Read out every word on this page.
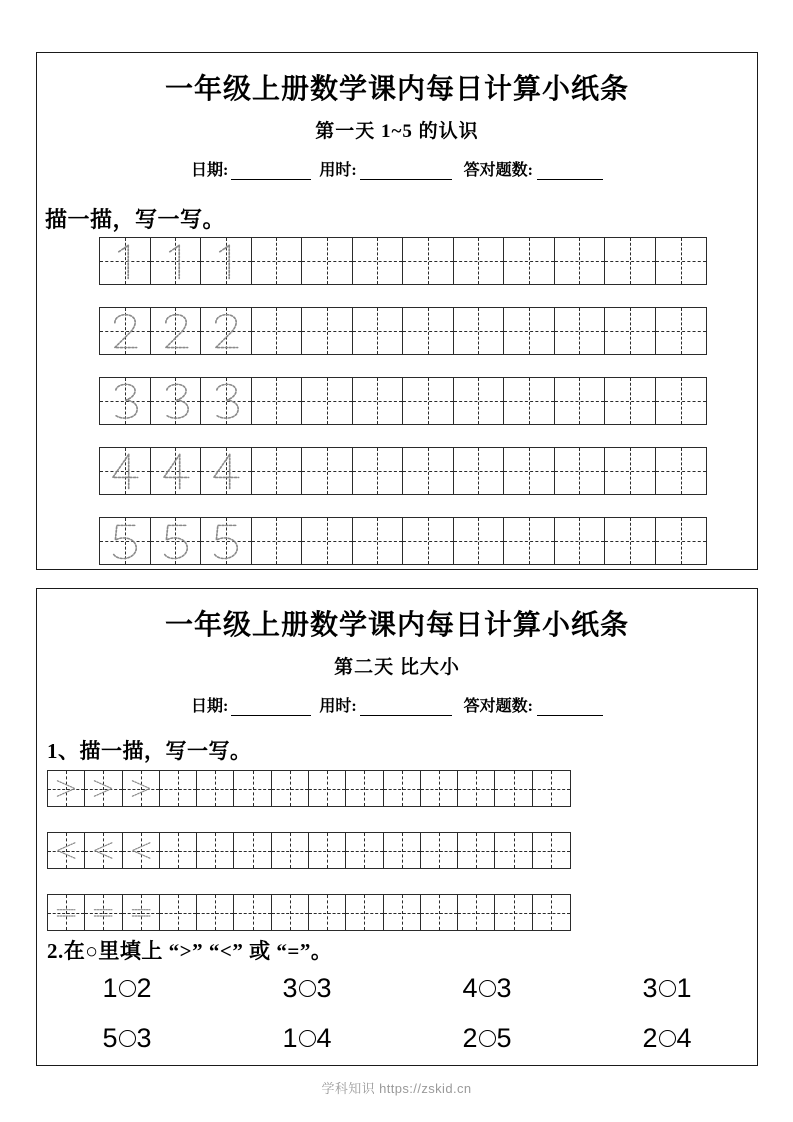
一年级上册数学课内每日计算小纸条
第一天 1~5 的认识
日期:	用时:	答对题数:
描一描，写一写。
一年级上册数学课内每日计算小纸条
第二天 比大小
日期:	用时:	答对题数:
1、描一描，写一写。
2.在○里填上 “>” “<” 或 “=”。
1 2	3 3	4 3	3 1
5 3	1 4	2 5	2 4
学科知识 https://zskid.cn
